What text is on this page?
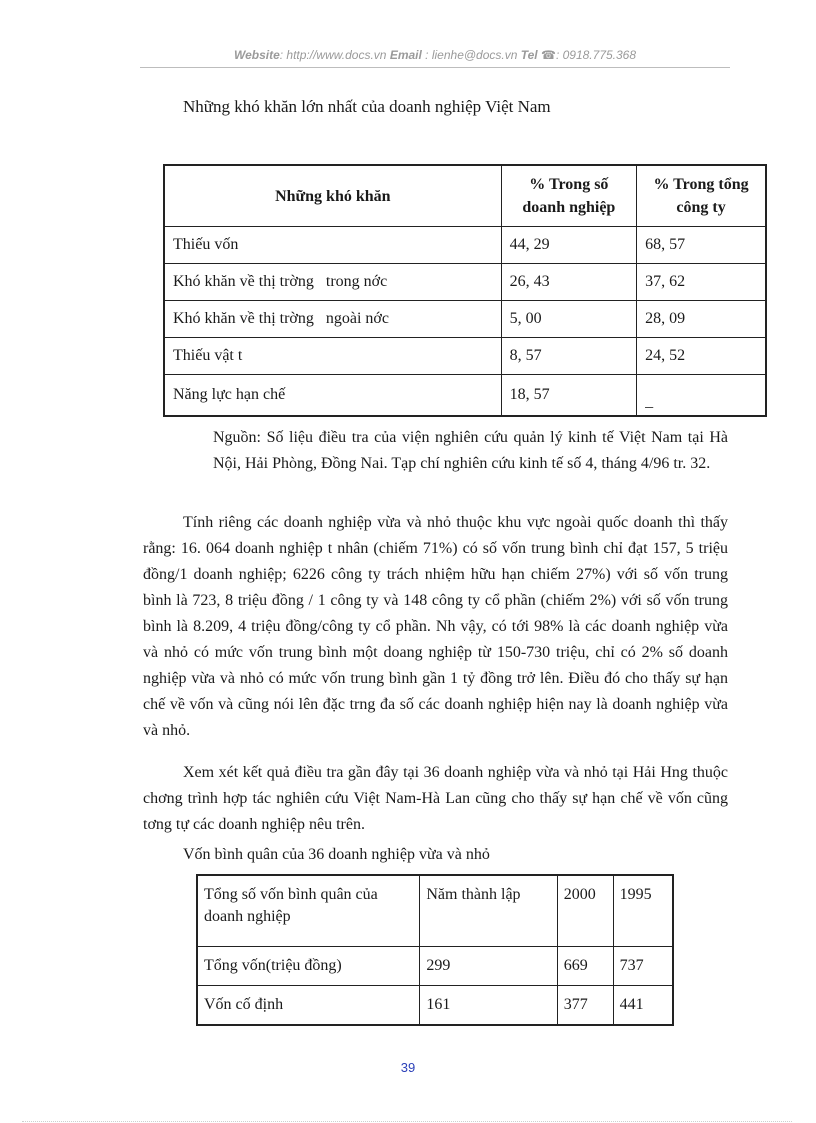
Website: http://www.docs.vn Email : lienhe@docs.vn Tel ☎: 0918.775.368
Những khó khăn lớn nhất của doanh nghiệp Việt Nam
Những khó khăn	% Trong số doanh nghiệp	% Trong tổng công ty
Thiếu vốn	44, 29	68, 57
Khó khăn về thị trờng   trong nớc	26, 43	37, 62
Khó khăn về thị trờng   ngoài nớc	5, 00	28, 09
Thiếu vật t	8, 57	24, 52
Năng lực hạn chế	18, 57	_
Nguồn: Số liệu điều tra của viện nghiên cứu quản lý kinh tế Việt Nam tại Hà Nội, Hải Phòng, Đồng Nai. Tạp chí nghiên cứu kinh tế số 4, tháng 4/96 tr. 32.
Tính riêng các doanh nghiệp vừa và nhỏ thuộc khu vực ngoài quốc doanh thì thấy rằng: 16. 064 doanh nghiệp t nhân (chiếm 71%) có số vốn trung bình chỉ đạt 157, 5 triệu đồng/1 doanh nghiệp; 6226 công ty trách nhiệm hữu hạn chiếm 27%) với số vốn trung bình là 723, 8 triệu đồng / 1 công ty và 148 công ty cổ phần (chiếm 2%) với số vốn trung bình là 8.209, 4 triệu đồng/công ty cổ phần. Nh vậy, có tới 98% là các doanh nghiệp vừa và nhỏ có mức vốn trung bình một doang nghiệp từ 150-730 triệu, chỉ có 2% số doanh nghiệp vừa và nhỏ có mức vốn trung bình gần 1 tỷ đồng trở lên. Điều đó cho thấy sự hạn chế về vốn và cũng nói lên đặc trng đa số các doanh nghiệp hiện nay là doanh nghiệp vừa và nhỏ.
Xem xét kết quả điều tra gần đây tại 36 doanh nghiệp vừa và nhỏ tại Hải Hng thuộc chơng trình hợp tác nghiên cứu Việt Nam-Hà Lan cũng cho thấy sự hạn chế về vốn cũng tơng tự các doanh nghiệp nêu trên.
Vốn bình quân của 36 doanh nghiệp vừa và nhỏ
Tổng số vốn bình quân của doanh nghiệp	Năm thành lập	2000	1995
Tổng vốn(triệu đồng)	299	669	737
Vốn cố định	161	377	441
39
